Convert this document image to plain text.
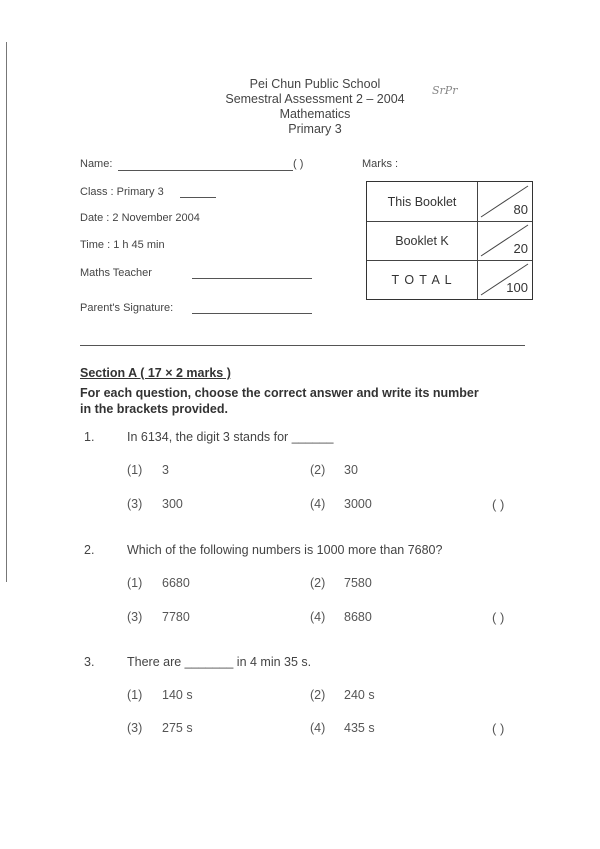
Pei Chun Public School
Semestral Assessment 2 – 2004
Mathematics
Primary 3
SrPr
Name:	( )	Marks :
Class : Primary 3
Date : 2 November 2004
Time : 1 h 45 min
Maths Teacher
Parent's Signature:
This Booklet	80
Booklet K	20
T O T A L	100
Section A ( 17 × 2 marks )
For each question, choose the correct answer and write its number
in the brackets provided.
1.	In 6134, the digit 3 stands for ______
(1) 3	(2) 30
(3) 300	(4) 3000	( )
2.	Which of the following numbers is 1000 more than 7680?
(1) 6680	(2) 7580
(3) 7780	(4) 8680	( )
3.	There are _______ in 4 min 35 s.
(1) 140 s	(2) 240 s
(3) 275 s	(4) 435 s	( )
